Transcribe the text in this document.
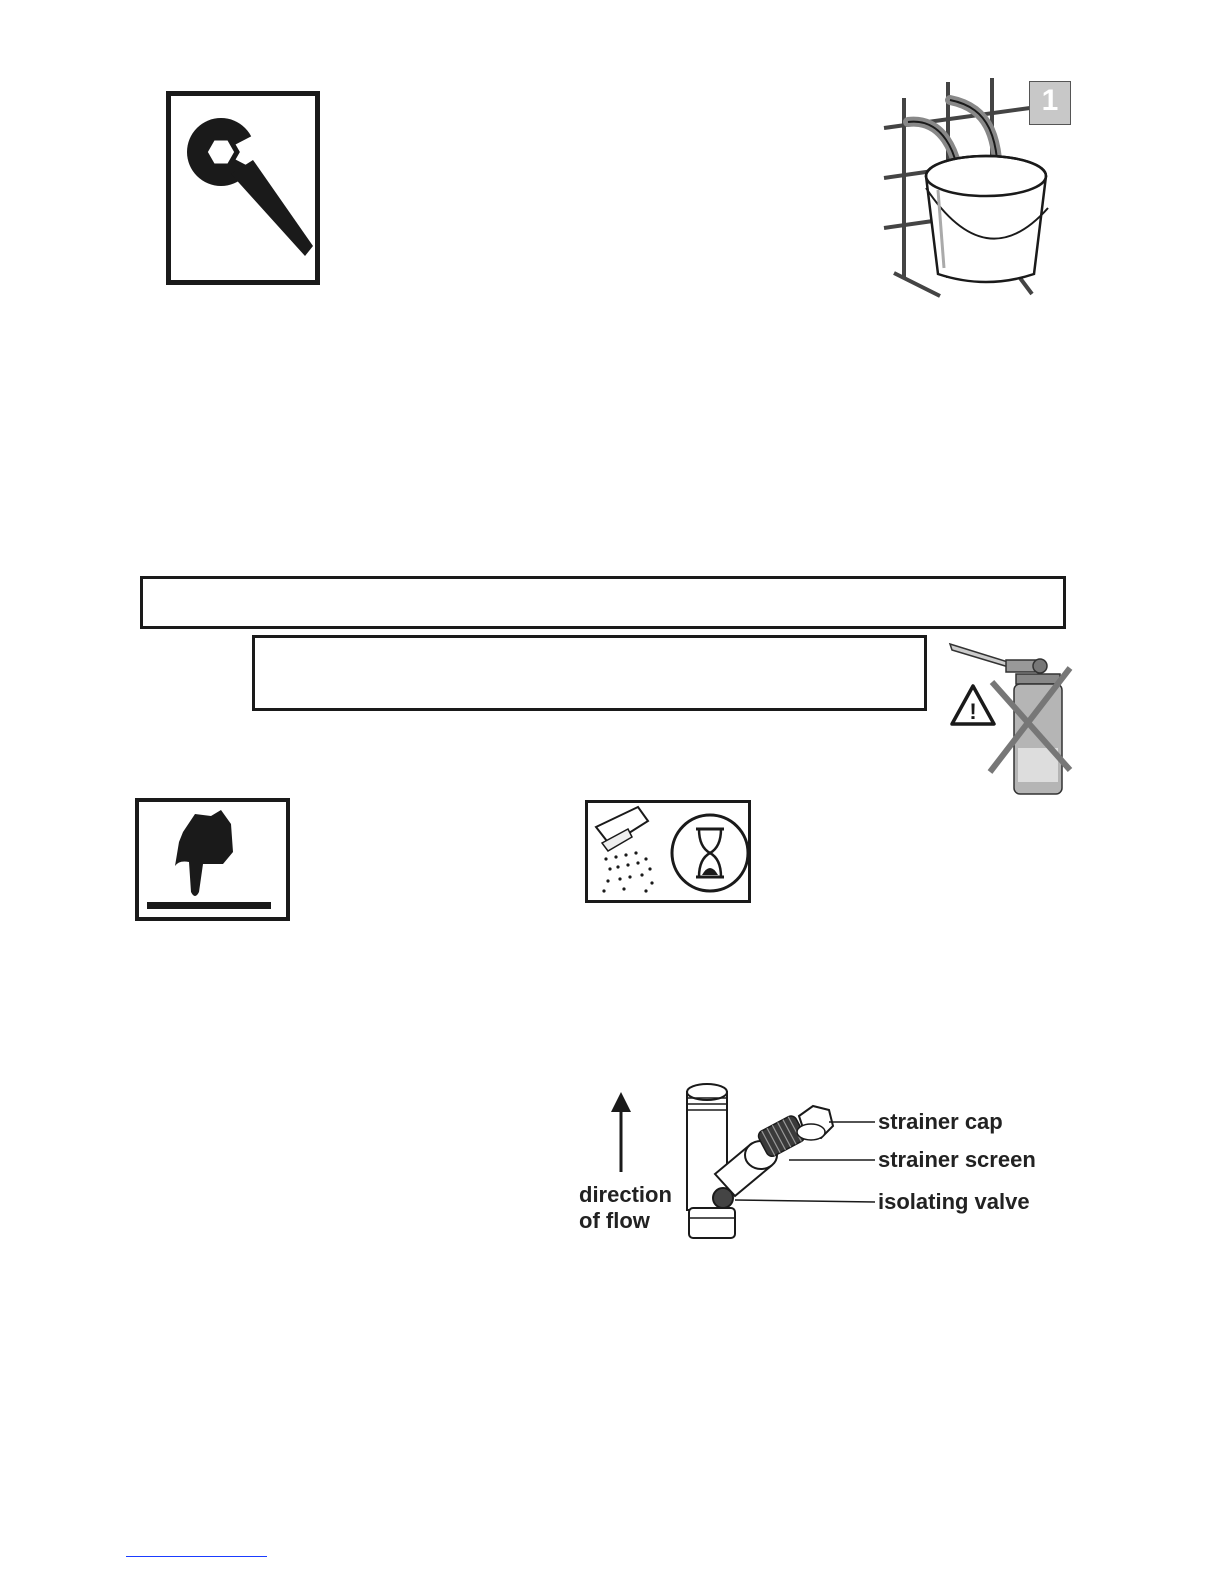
1
!
direction
of flow
strainer cap
strainer screen
isolating valve
